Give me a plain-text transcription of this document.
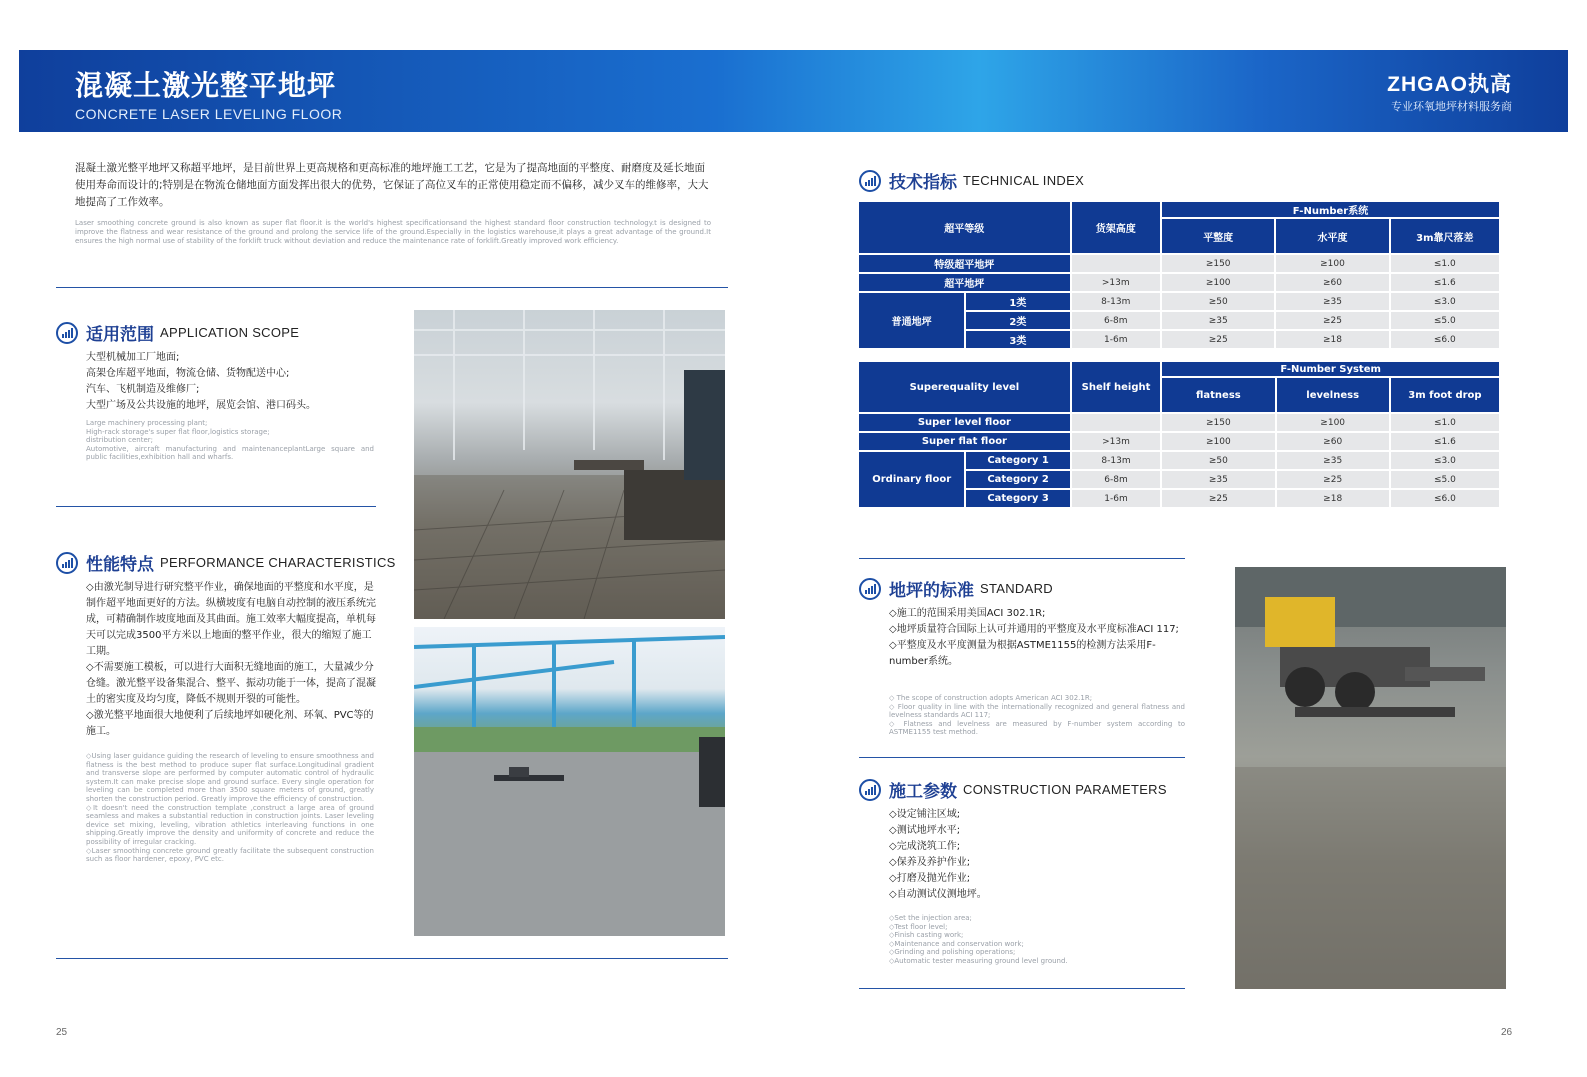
混凝土激光整平地坪
CONCRETE LASER LEVELING FLOOR
ZHGAO执高
专业环氧地坪材料服务商
混凝土激光整平地坪又称超平地坪，是目前世界上更高规格和更高标准的地坪施工工艺，它是为了提高地面的平整度、耐磨度及延长地面使用寿命而设计的;特别是在物流仓储地面方面发挥出很大的优势，它保证了高位叉车的正常使用稳定而不偏移，减少叉车的维修率，大大地提高了工作效率。
Laser smoothing concrete ground is also known as super flat floor.it is the world's highest specificationsand the highest standard floor construction technology.t is designed to improve the flatness and wear resistance of the ground and prolong the service life of the ground.Especially in the logistics warehouse,it plays a great advantage of the ground.It ensures the high normal use of stability of the forklift truck without deviation and reduce the maintenance rate of forklift.Greatly improved work efficiency.
适用范围 APPLICATION SCOPE
大型机械加工厂地面;
高架仓库超平地面，物流仓储、货物配送中心;
汽车、飞机制造及维修厂;
大型广场及公共设施的地坪，展览会馆、港口码头。
Large machinery processing plant;
High-rack storage's super flat floor,logistics storage;
distribution center;
Automotive, aircraft manufacturing and maintenanceplantLarge square and public facilities,exhibition hall and wharfs.
性能特点 PERFORMANCE CHARACTERISTICS
◇由激光制导进行研究整平作业，确保地面的平整度和水平度，是制作超平地面更好的方法。纵横坡度有电脑自动控制的液压系统完成，可精确制作坡度地面及其曲面。施工效率大幅度提高，单机每天可以完成3500平方米以上地面的整平作业，很大的缩短了施工工期。
◇不需要施工模板，可以进行大面积无缝地面的施工，大量减少分仓缝。激光整平设备集混合、整平、振动功能于一体，提高了混凝土的密实度及均匀度，降低不规则开裂的可能性。
◇激光整平地面很大地便利了后续地坪如硬化剂、环氧、PVC等的施工。
◇Using laser guidance guiding the research of leveling to ensure smoothness and flatness is the best method to produce super flat surface.Longitudinal gradient and transverse slope are performed by computer automatic control of hydraulic system.It can make precise slope and ground surface. Every single operation for leveling can be completed more than 3500 square meters of ground, greatly shorten the construction period. Greatly improve the efficiency of construction.
◇It doesn't need the construction template ,construct a large area of ground seamless and makes a substantial reduction in construction joints. Laser leveling device set mixing, leveling, vibration athletics interleaving functions in one shipping.Greatly improve the density and uniformity of concrete and reduce the possibility of irregular cracking.
◇Laser smoothing concrete ground greatly facilitate the subsequent construction such as floor hardener, epoxy, PVC etc.
技术指标 TECHNICAL INDEX
超平等级		货架高度	F-Number系统		
			平整度	水平度	3m靠尺落差
特级超平地坪			≥150	≥100	≤1.0
超平地坪		>13m	≥100	≥60	≤1.6
普通地坪	1类	8-13m	≥50	≥35	≤3.0
	2类	6-8m	≥35	≥25	≤5.0
	3类	1-6m	≥25	≥18	≤6.0
Superequality level		Shelf height	F-Number System		
			flatness	levelness	3m foot drop
Super level floor			≥150	≥100	≤1.0
Super flat floor		>13m	≥100	≥60	≤1.6
Ordinary floor	Category 1	8-13m	≥50	≥35	≤3.0
	Category 2	6-8m	≥35	≥25	≤5.0
	Category 3	1-6m	≥25	≥18	≤6.0
地坪的标准 STANDARD
◇施工的范围采用美国ACI 302.1R;
◇地坪质量符合国际上认可并通用的平整度及水平度标准ACI 117;
◇平整度及水平度测量为根据ASTME1155的检测方法采用F-number系统。
◇ The scope of construction adopts American ACI 302.1R;
◇ Floor quality in line with the internationally recognized and general flatness and levelness standards ACI 117;
◇ Flatness and levelness are measured by F-number system according to ASTME1155 test method.
施工参数 CONSTRUCTION PARAMETERS
◇设定铺注区域;
◇测试地坪水平;
◇完成浇筑工作;
◇保养及养护作业;
◇打磨及抛光作业;
◇自动测试仪测地坪。
◇Set the injection area;
◇Test floor level;
◇Finish casting work;
◇Maintenance and conservation work;
◇Grinding and polishing operations;
◇Automatic tester measuring ground level ground.
25	26
